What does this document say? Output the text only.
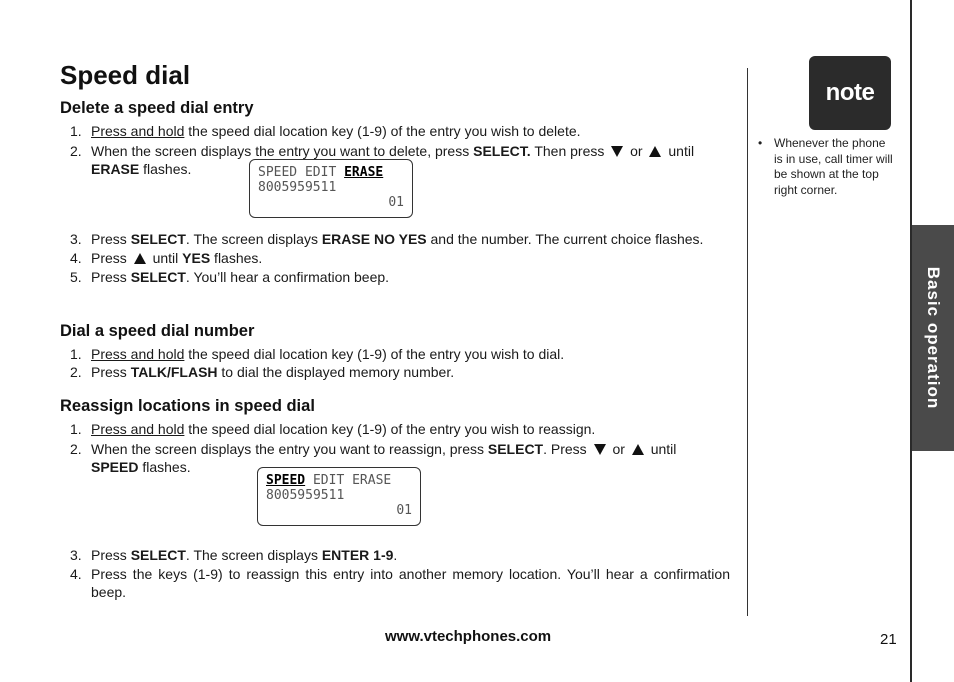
Basic operation
Speed dial
Delete a speed dial entry

1. Press and hold the speed dial location key (1-9) of the entry you wish to delete.

2. When the screen displays the entry you want to delete, press SELECT. Then press  or  until
ERASE flashes.	SPEED EDIT ERASE
8005959511
01

3. Press SELECT. The screen displays ERASE NO YES and the number. The current choice flashes.

4. Press  until YES flashes.

5. Press SELECT. You’ll hear a confirmation beep.

Dial a speed dial number

1. Press and hold the speed dial location key (1-9) of the entry you wish to dial.

2. Press TALK/FLASH to dial the displayed memory number.

Reassign locations in speed dial

1. Press and hold the speed dial location key (1-9) of the entry you wish to reassign.

2. When the screen displays the entry you want to reassign, press SELECT. Press  or  until
SPEED flashes.

SPEED EDIT ERASE
8005959511
01

3. Press SELECT. The screen displays ENTER 1-9.

4. Press the keys (1-9) to reassign this entry into another memory location. You’ll hear a confirmation beep.

note
• Whenever the phone is in use, call timer will be shown at the top right corner.
www.vtechphones.com	21
